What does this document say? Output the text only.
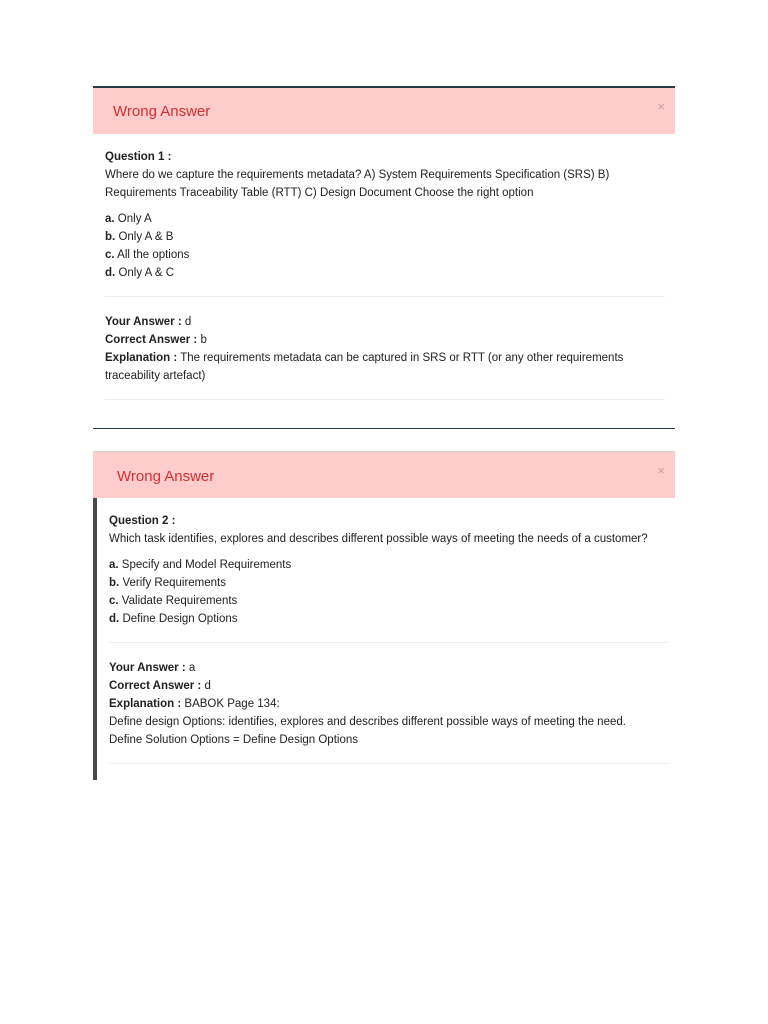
Wrong Answer	×
Question 1 :

Where do we capture the requirements metadata? A) System Requirements Specification (SRS) B) Requirements Traceability Table (RTT) C) Design Document Choose the right option

a. Only A
b. Only A & B
c. All the options
d. Only A & C
Your Answer : d
Correct Answer : b
Explanation : The requirements metadata can be captured in SRS or RTT (or any other requirements traceability artefact)
Wrong Answer	×
Question 2 :

Which task identifies, explores and describes different possible ways of meeting the needs of a customer?

a. Specify and Model Requirements
b. Verify Requirements
c. Validate Requirements
d. Define Design Options
Your Answer : a
Correct Answer : d
Explanation : BABOK Page 134:
Define design Options: identifies, explores and describes different possible ways of meeting the need.
Define Solution Options = Define Design Options
